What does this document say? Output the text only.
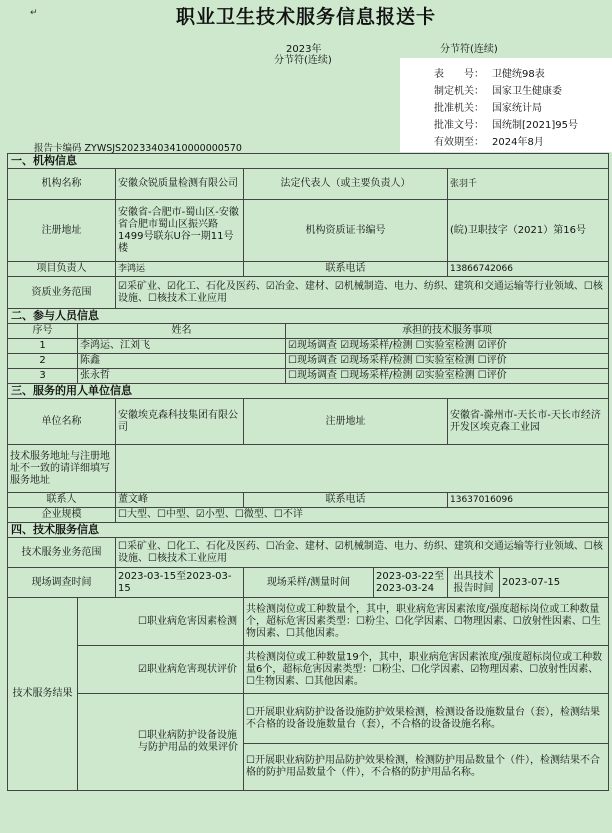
↵	职业卫生技术服务信息报送卡
2023年	分节符(连续)
分节符(连续)
表　　号： 卫健统98表
制定机关： 国家卫生健康委
批准机关： 国家统计局
批准文号： 国统制[2021]95号
有效期至： 2024年8月
报告卡编码 ZYWSJS20233403410000000570
一、机构信息							
机构名称		安徽众锐质量检测有限公司	法定代表人（或主要负责人）			张羽千	
注册地址		安徽省-合肥市-蜀山区-安徽省合肥市蜀山区振兴路1499号联东U谷一期11号楼	机构资质证书编号			(皖)卫职技字（2021）第16号	
项目负责人		李鸿运	联系电话			13866742066	
资质业务范围		☑采矿业、☑化工、石化及医药、☑冶金、建材、☑机械制造、电力、纺织、建筑和交通运输等行业领域、☐核设施、☐核技术工业应用					
二、参与人员信息							
序号	姓名			承担的技术服务事项			
1	李鸿运、江刘飞			☑现场调查 ☑现场采样/检测 ☐实验室检测 ☑评价			
2	陈鑫			☐现场调查 ☑现场采样/检测 ☐实验室检测 ☐评价			
3	张永哲			☐现场调查 ☐现场采样/检测 ☑实验室检测 ☐评价			
三、服务的用人单位信息							
单位名称		安徽埃克森科技集团有限公司	注册地址			安徽省-滁州市-天长市-天长市经济开发区埃克森工业园	
技术服务地址与注册地址不一致的请详细填写服务地址							
联系人		董文峰	联系电话			13637016096	
企业规模		☐大型、☐中型、☑小型、☐微型、☐不详					
四、技术服务信息							
技术服务业务范围		☐采矿业、☐化工、石化及医药、☐冶金、建材、☑机械制造、电力、纺织、建筑和交通运输等行业领域、☐核设施、☐核技术工业应用					
现场调查时间		2023-03-15至2023-03-15	现场采样/测量时间		2023-03-22至2023-03-24	出具技术报告时间	2023-07-15
技术服务结果	☐职业病危害因素检测		共检测岗位或工种数量个，其中，职业病危害因素浓度/强度超标岗位或工种数量个，超标危害因素类型：☐粉尘、☐化学因素、☐物理因素、☐放射性因素、☐生物因素、☐其他因素。				
	☑职业病危害现状评价		共检测岗位或工种数量19个，其中，职业病危害因素浓度/强度超标岗位或工种数量6个，超标危害因素类型：☐粉尘、☐化学因素、☑物理因素、☐放射性因素、☐生物因素、☐其他因素。				
	☐职业病防护设备设施与防护用品的效果评价		☐开展职业病防护设备设施防护效果检测，检测设备设施数量台（套），检测结果不合格的设备设施数量台（套），不合格的设备设施名称。				
			☐开展职业病防护用品防护效果检测，检测防护用品数量个（件），检测结果不合格的防护用品数量个（件），不合格的防护用品名称。				
